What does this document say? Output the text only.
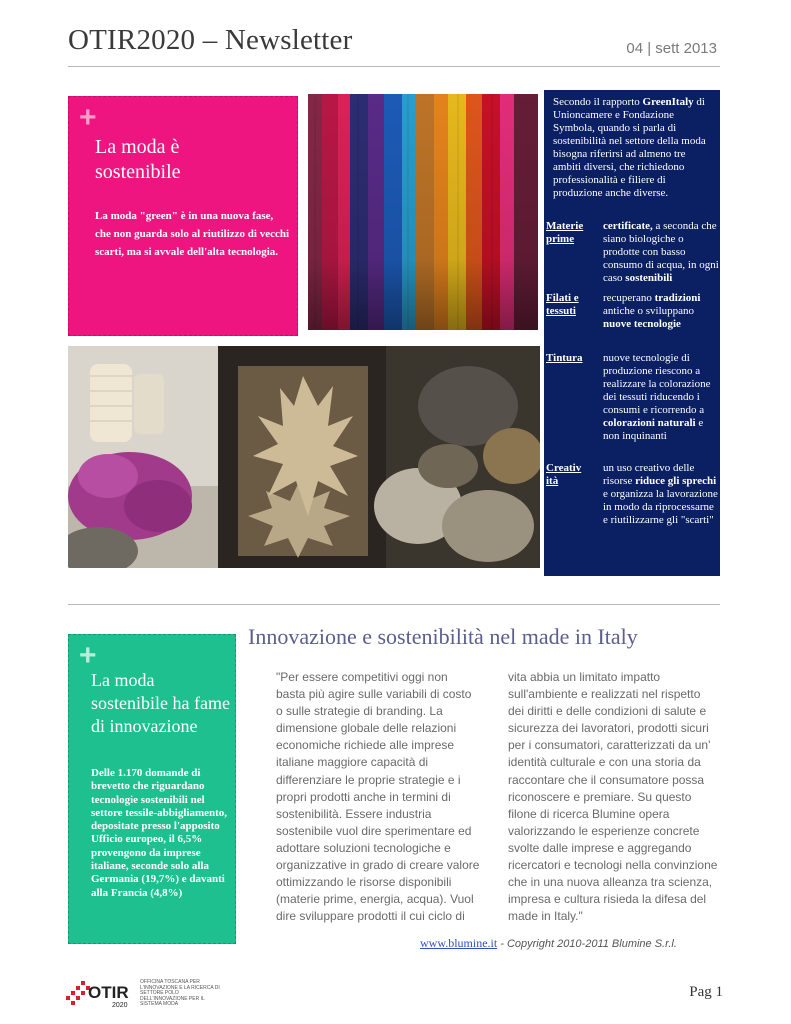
OTIR2020 – Newsletter	04 | sett 2013
+
La moda è
sostenibile
La moda "green" è in una nuova fase, che non guarda solo al riutilizzo di vecchi scarti, ma si avvale dell'alta tecnologia.
Secondo il rapporto GreenItaly di Unioncamere e Fondazione Symbola, quando si parla di sostenibilità nel settore della moda bisogna riferirsi ad almeno tre ambiti diversi, che richiedono professionalità e filiere di produzione anche diverse.
Materie
prime
certificate, a seconda che siano biologiche o prodotte con basso consumo di acqua, in ogni caso sostenibili
Filati e
tessuti
recuperano tradizioni antiche o sviluppano nuove tecnologie
Tintura	nuove tecnologie di produzione riescono a realizzare la colorazione dei tessuti riducendo i consumi e ricorrendo a colorazioni naturali e non inquinanti
Creativ
ità
un uso creativo delle risorse riduce gli sprechi e organizza la lavorazione in modo da riprocessarne e riutilizzarne gli "scarti"
+
La moda sostenibile ha fame di innovazione
Delle 1.170 domande di brevetto che riguardano tecnologie sostenibili nel settore tessile-abbigliamento, depositate presso l'apposito Ufficio europeo, il 6,5% provengono da imprese italiane, seconde solo alla Germania (19,7%) e davanti alla Francia (4,8%)
Innovazione e sostenibilità nel made in Italy
"Per essere competitivi oggi non basta più agire sulle variabili di costo o sulle strategie di branding. La dimensione globale delle relazioni economiche richiede alle imprese italiane maggiore capacità di differenziare le proprie strategie e i propri prodotti anche in termini di sostenibilità. Essere industria sostenibile vuol dire sperimentare ed adottare soluzioni tecnologiche e organizzative in grado di creare valore ottimizzando le risorse disponibili (materie prime, energia, acqua). Vuol dire sviluppare prodotti il cui ciclo di
vita abbia un limitato impatto sull'ambiente e realizzati nel rispetto dei diritti e delle condizioni di salute e sicurezza dei lavoratori, prodotti sicuri per i consumatori, caratterizzati da un' identità culturale e con una storia da raccontare che il consumatore possa riconoscere e premiare. Su questo filone di ricerca Blumine opera valorizzando le esperienze concrete svolte dalle imprese e aggregando ricercatori e tecnologi nella convinzione che in una nuova alleanza tra scienza, impresa e cultura risieda la difesa del made in Italy."
www.blumine.it - Copyright 2010-2011 Blumine S.r.l.
OTIR
2020
OFFICINA TOSCANA PER L'INNOVAZIONE E LA RICERCA DI SETTORE POLO DELL'INNOVAZIONE PER IL SISTEMA MODA
Pag 1
